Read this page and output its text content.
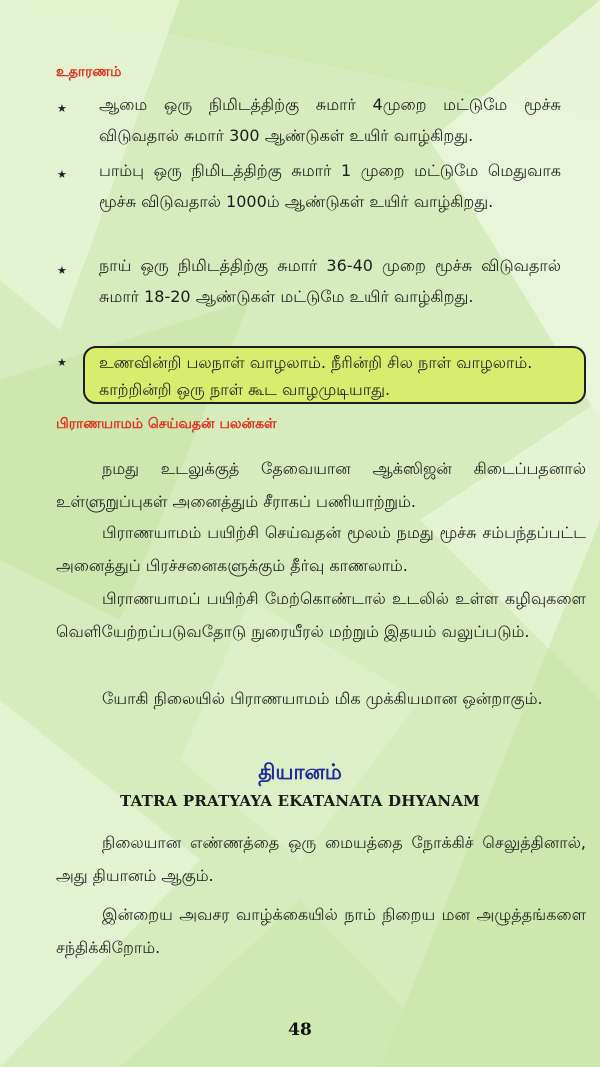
உதாரணம்
★ ஆமை ஒரு நிமிடத்திற்கு சுமார் 4முறை மட்டுமே மூச்சு விடுவதால் சுமார் 300 ஆண்டுகள் உயிர் வாழ்கிறது.
★ பாம்பு ஒரு நிமிடத்திற்கு சுமார் 1 முறை மட்டுமே மெதுவாக மூச்சு விடுவதால் 1000ம் ஆண்டுகள் உயிர் வாழ்கிறது.
★ நாய் ஒரு நிமிடத்திற்கு சுமார் 36-40 முறை மூச்சு விடுவதால் சுமார் 18-20 ஆண்டுகள் மட்டுமே உயிர் வாழ்கிறது.
★ உணவின்றி பலநாள் வாழலாம். நீரின்றி சில நாள் வாழலாம். காற்றின்றி ஒரு நாள் கூட வாழமுடியாது.
பிராணயாமம் செய்வதன் பலன்கள்
நமது உடலுக்குத் தேவையான ஆக்ஸிஜன் கிடைப்பதனால் உள்ளுறுப்புகள் அனைத்தும் சீராகப் பணியாற்றும்.
பிராணயாமம் பயிற்சி செய்வதன் மூலம் நமது மூச்சு சம்பந்தப்பட்ட அனைத்துப் பிரச்சனைகளுக்கும் தீர்வு காணலாம்.
பிராணயாமப் பயிற்சி மேற்கொண்டால் உடலில் உள்ள கழிவுகளை வெளியேற்றப்படுவதோடு நுரையீரல் மற்றும் இதயம் வலுப்படும்.
யோகி நிலையில் பிராணயாமம் மிக முக்கியமான ஒன்றாகும்.
தியானம்
TATRA PRATYAYA EKATANATA DHYANAM
நிலையான எண்ணத்தை ஒரு மையத்தை நோக்கிச் செலுத்தினால், அது தியானம் ஆகும்.
இன்றைய அவசர வாழ்க்கையில் நாம் நிறைய மன அழுத்தங்களை சந்திக்கிறோம்.
48
